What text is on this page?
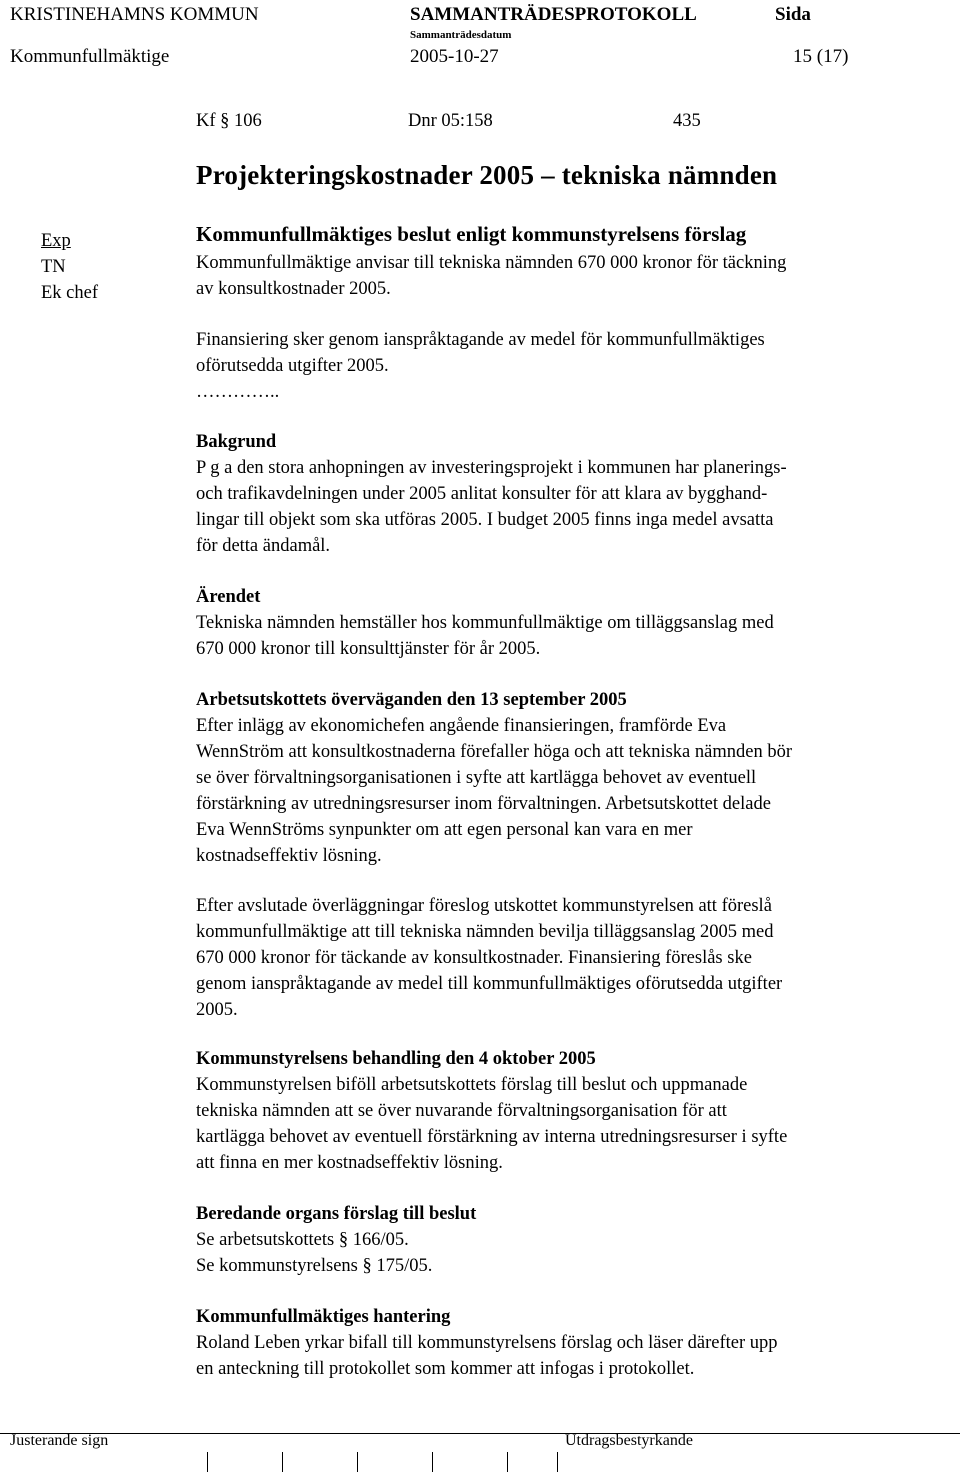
KRISTINEHAMNS KOMMUN	SAMMANTRÄDESPROTOKOLL	Sida
Sammanträdesdatum
Kommunfullmäktige	2005-10-27	15 (17)
Kf § 106	Dnr 05:158	435
Projekteringskostnader 2005 – tekniska nämnden
Exp
TN
Ek chef
Kommunfullmäktiges beslut enligt kommunstyrelsens förslag

Kommunfullmäktige anvisar till tekniska nämnden 670 000 kronor för täckning

av konsultkostnader 2005.

Finansiering sker genom ianspråktagande av medel för kommunfullmäktiges

oförutsedda utgifter 2005.

…………..

Bakgrund

P g a den stora anhopningen av investeringsprojekt i kommunen har planerings-

och trafikavdelningen under 2005 anlitat konsulter för att klara av bygghand-

lingar till objekt som ska utföras 2005. I budget 2005 finns inga medel avsatta

för detta ändamål.

Ärendet

Tekniska nämnden hemställer hos kommunfullmäktige om tilläggsanslag med

670 000 kronor till konsulttjänster för år 2005.

Arbetsutskottets överväganden den 13 september 2005

Efter inlägg av ekonomichefen angående finansieringen, framförde Eva

WennStröm att konsultkostnaderna förefaller höga och att tekniska nämnden bör

se över förvaltningsorganisationen i syfte att kartlägga behovet av eventuell

förstärkning av utredningsresurser inom förvaltningen. Arbetsutskottet delade

Eva WennStröms synpunkter om att egen personal kan vara en mer

kostnadseffektiv lösning.

Efter avslutade överläggningar föreslog utskottet kommunstyrelsen att föreslå

kommunfullmäktige att till tekniska nämnden bevilja tilläggsanslag 2005 med

670 000 kronor för täckande av konsultkostnader. Finansiering föreslås ske

genom ianspråktagande av medel till kommunfullmäktiges oförutsedda utgifter

2005.

Kommunstyrelsens behandling den 4 oktober 2005

Kommunstyrelsen biföll arbetsutskottets förslag till beslut och uppmanade

tekniska nämnden att se över nuvarande förvaltningsorganisation för att

kartlägga behovet av eventuell förstärkning av interna utredningsresurser i syfte

att finna en mer kostnadseffektiv lösning.

Beredande organs förslag till beslut

Se arbetsutskottets § 166/05.

Se kommunstyrelsens § 175/05.

Kommunfullmäktiges hantering

Roland Leben yrkar bifall till kommunstyrelsens förslag och läser därefter upp

en anteckning till protokollet som kommer att infogas i protokollet.

Justerande sign	Utdragsbestyrkande
